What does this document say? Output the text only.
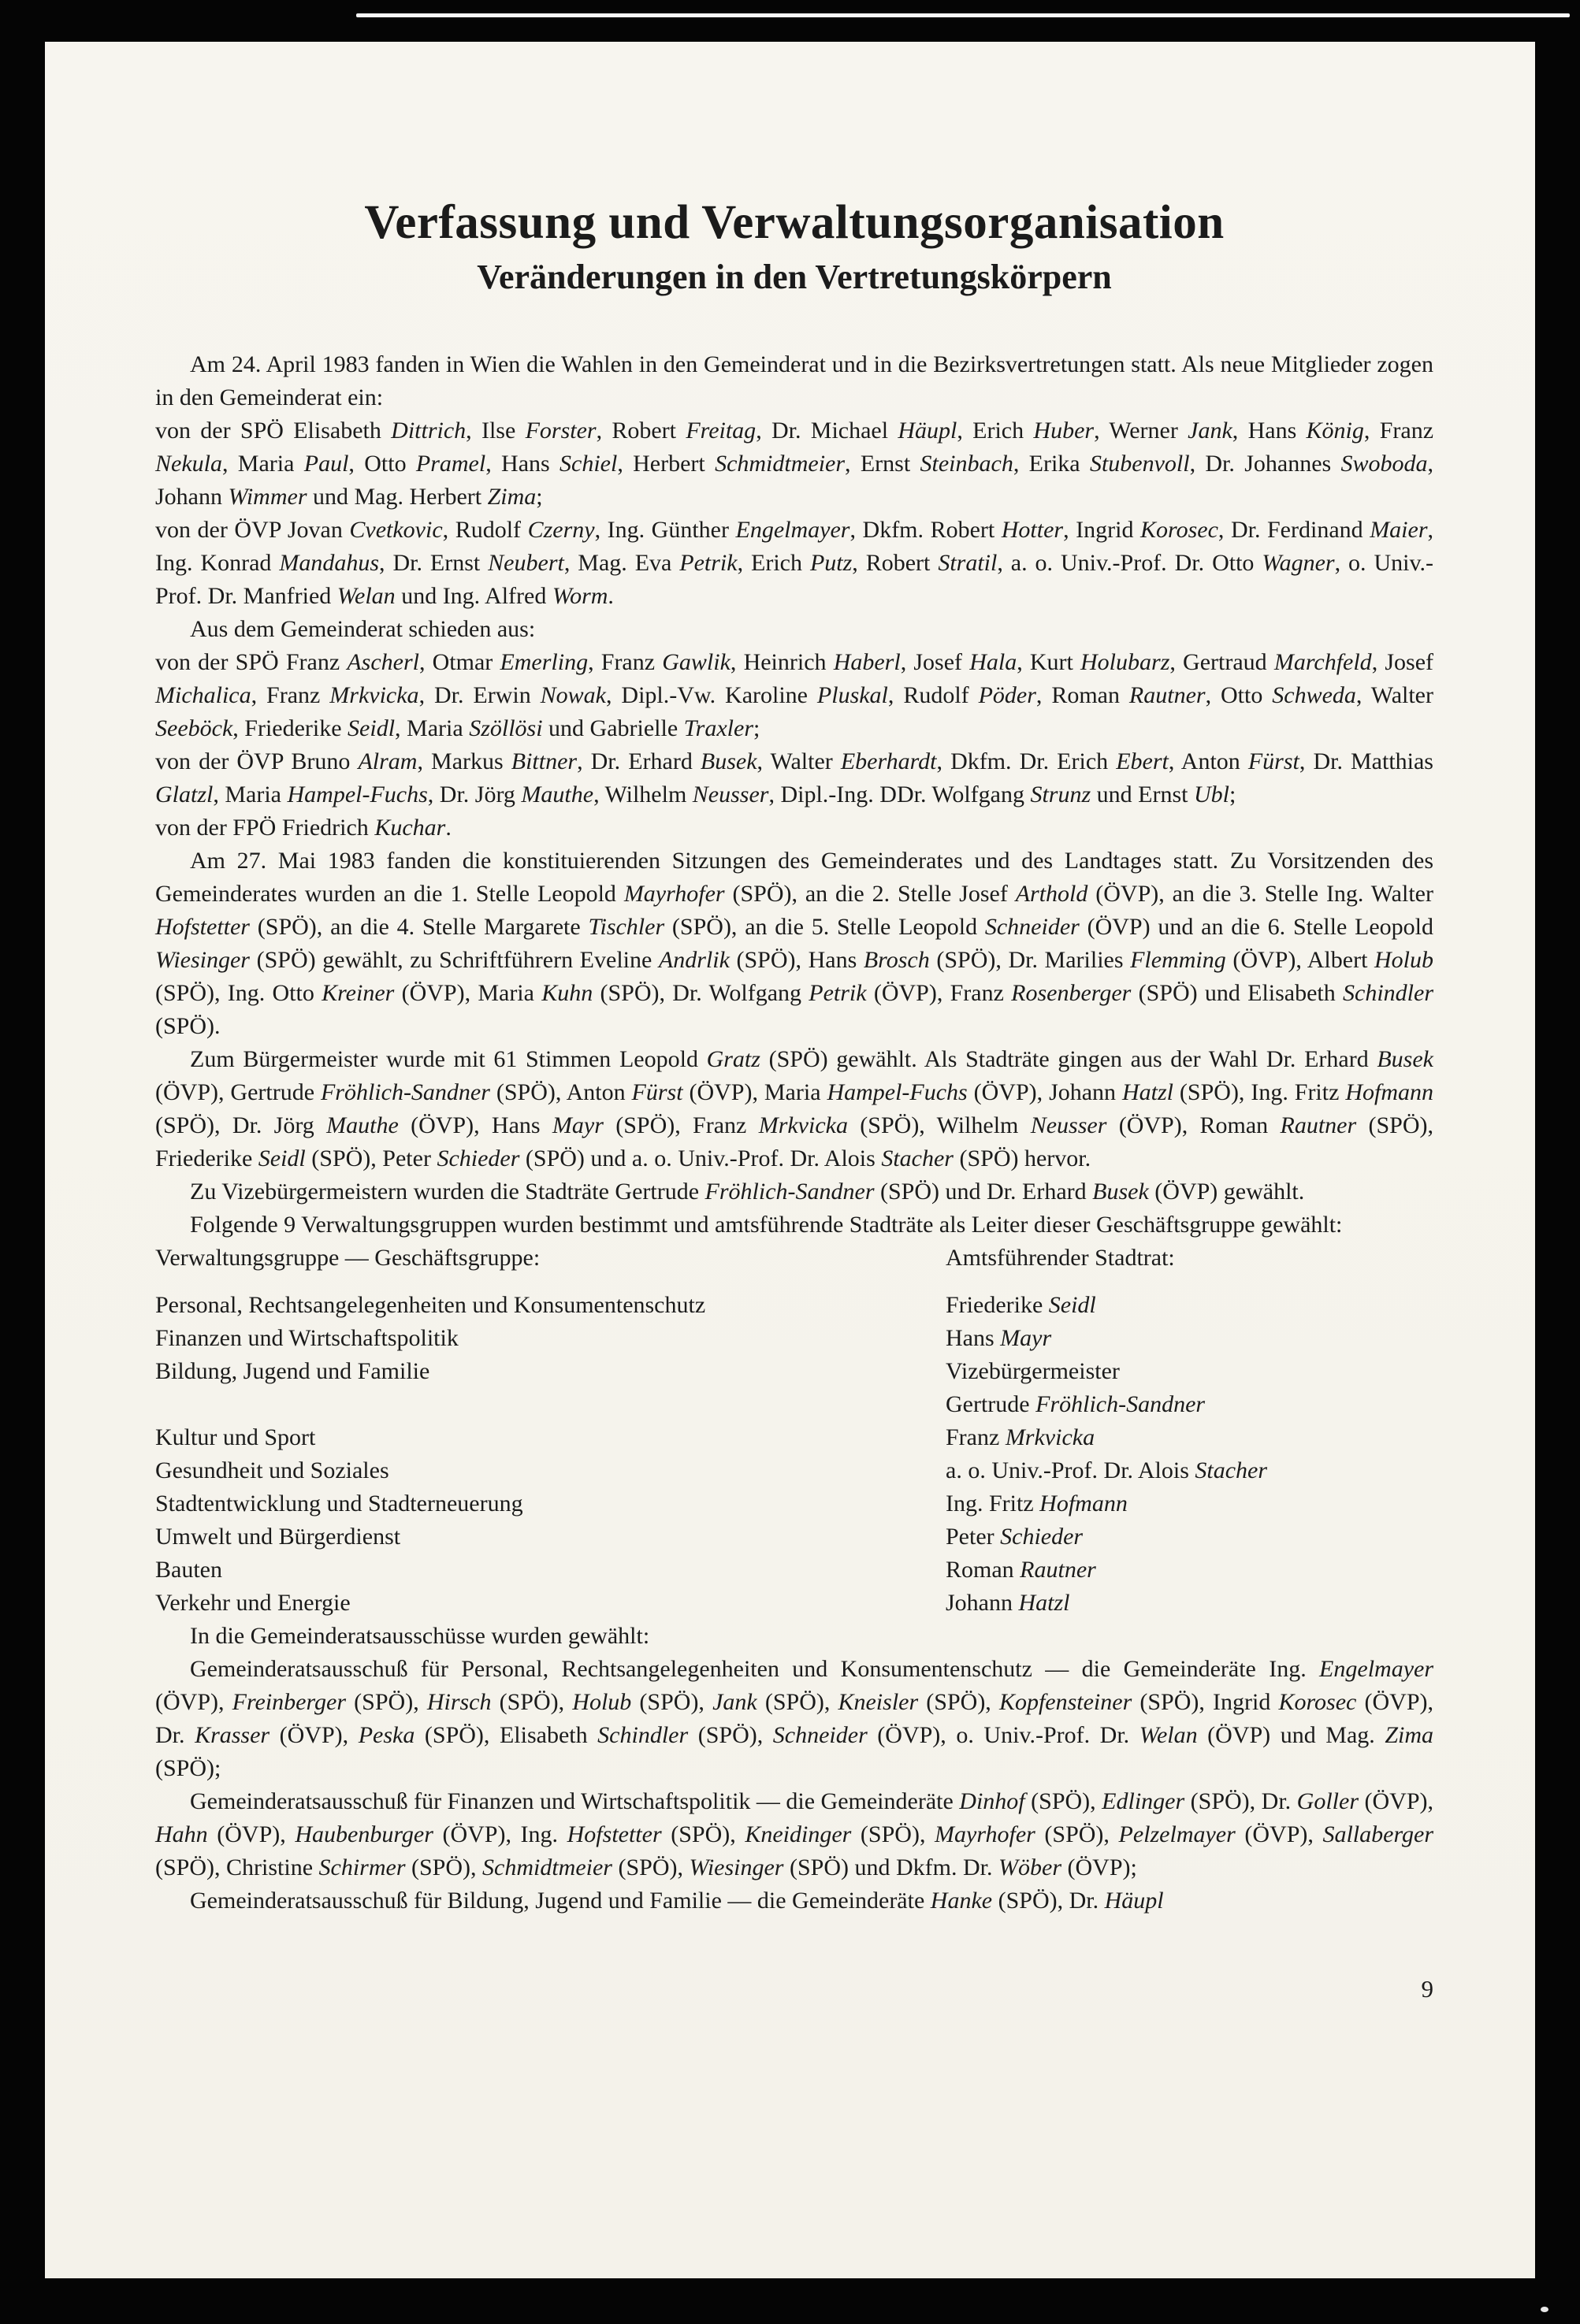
Verfassung und Verwaltungsorganisation
Veränderungen in den Vertretungskörpern

Am 24. April 1983 fanden in Wien die Wahlen in den Gemeinderat und in die Bezirksvertretungen statt. Als neue Mitglieder zogen in den Gemeinderat ein:

von der SPÖ Elisabeth Dittrich, Ilse Forster, Robert Freitag, Dr. Michael Häupl, Erich Huber, Werner Jank, Hans König, Franz Nekula, Maria Paul, Otto Pramel, Hans Schiel, Herbert Schmidtmeier, Ernst Steinbach, Erika Stubenvoll, Dr. Johannes Swoboda, Johann Wimmer und Mag. Herbert Zima;

von der ÖVP Jovan Cvetkovic, Rudolf Czerny, Ing. Günther Engelmayer, Dkfm. Robert Hotter, Ingrid Korosec, Dr. Ferdinand Maier, Ing. Konrad Mandahus, Dr. Ernst Neubert, Mag. Eva Petrik, Erich Putz, Robert Stratil, a. o. Univ.-Prof. Dr. Otto Wagner, o. Univ.-Prof. Dr. Manfried Welan und Ing. Alfred Worm.

Aus dem Gemeinderat schieden aus:

von der SPÖ Franz Ascherl, Otmar Emerling, Franz Gawlik, Heinrich Haberl, Josef Hala, Kurt Holubarz, Gertraud Marchfeld, Josef Michalica, Franz Mrkvicka, Dr. Erwin Nowak, Dipl.-Vw. Karoline Pluskal, Rudolf Pöder, Roman Rautner, Otto Schweda, Walter Seeböck, Friederike Seidl, Maria Szöllösi und Gabrielle Traxler;

von der ÖVP Bruno Alram, Markus Bittner, Dr. Erhard Busek, Walter Eberhardt, Dkfm. Dr. Erich Ebert, Anton Fürst, Dr. Matthias Glatzl, Maria Hampel-Fuchs, Dr. Jörg Mauthe, Wilhelm Neusser, Dipl.-Ing. DDr. Wolfgang Strunz und Ernst Ubl;

von der FPÖ Friedrich Kuchar.

Am 27. Mai 1983 fanden die konstituierenden Sitzungen des Gemeinderates und des Landtages statt. Zu Vorsitzenden des Gemeinderates wurden an die 1. Stelle Leopold Mayrhofer (SPÖ), an die 2. Stelle Josef Arthold (ÖVP), an die 3. Stelle Ing. Walter Hofstetter (SPÖ), an die 4. Stelle Margarete Tischler (SPÖ), an die 5. Stelle Leopold Schneider (ÖVP) und an die 6. Stelle Leopold Wiesinger (SPÖ) gewählt, zu Schriftführern Eveline Andrlik (SPÖ), Hans Brosch (SPÖ), Dr. Marilies Flemming (ÖVP), Albert Holub (SPÖ), Ing. Otto Kreiner (ÖVP), Maria Kuhn (SPÖ), Dr. Wolfgang Petrik (ÖVP), Franz Rosenberger (SPÖ) und Elisabeth Schindler (SPÖ).

Zum Bürgermeister wurde mit 61 Stimmen Leopold Gratz (SPÖ) gewählt. Als Stadträte gingen aus der Wahl Dr. Erhard Busek (ÖVP), Gertrude Fröhlich-Sandner (SPÖ), Anton Fürst (ÖVP), Maria Hampel-Fuchs (ÖVP), Johann Hatzl (SPÖ), Ing. Fritz Hofmann (SPÖ), Dr. Jörg Mauthe (ÖVP), Hans Mayr (SPÖ), Franz Mrkvicka (SPÖ), Wilhelm Neusser (ÖVP), Roman Rautner (SPÖ), Friederike Seidl (SPÖ), Peter Schieder (SPÖ) und a. o. Univ.-Prof. Dr. Alois Stacher (SPÖ) hervor.

Zu Vizebürgermeistern wurden die Stadträte Gertrude Fröhlich-Sandner (SPÖ) und Dr. Erhard Busek (ÖVP) gewählt.

Folgende 9 Verwaltungsgruppen wurden bestimmt und amtsführende Stadträte als Leiter dieser Geschäftsgruppe gewählt:

Verwaltungsgruppe — Geschäftsgruppe:	Amtsführender Stadtrat:
Personal, Rechtsangelegenheiten und Konsumentenschutz	Friederike Seidl
Finanzen und Wirtschaftspolitik	Hans Mayr
Bildung, Jugend und Familie	Vizebürgermeister
Gertrude Fröhlich-Sandner
Kultur und Sport	Franz Mrkvicka
Gesundheit und Soziales	a. o. Univ.-Prof. Dr. Alois Stacher
Stadtentwicklung und Stadterneuerung	Ing. Fritz Hofmann
Umwelt und Bürgerdienst	Peter Schieder
Bauten	Roman Rautner
Verkehr und Energie	Johann Hatzl

In die Gemeinderatsausschüsse wurden gewählt:

Gemeinderatsausschuß für Personal, Rechtsangelegenheiten und Konsumentenschutz — die Gemeinderäte Ing. Engelmayer (ÖVP), Freinberger (SPÖ), Hirsch (SPÖ), Holub (SPÖ), Jank (SPÖ), Kneisler (SPÖ), Kopfensteiner (SPÖ), Ingrid Korosec (ÖVP), Dr. Krasser (ÖVP), Peska (SPÖ), Elisabeth Schindler (SPÖ), Schneider (ÖVP), o. Univ.-Prof. Dr. Welan (ÖVP) und Mag. Zima (SPÖ);

Gemeinderatsausschuß für Finanzen und Wirtschaftspolitik — die Gemeinderäte Dinhof (SPÖ), Edlinger (SPÖ), Dr. Goller (ÖVP), Hahn (ÖVP), Haubenburger (ÖVP), Ing. Hofstetter (SPÖ), Kneidinger (SPÖ), Mayrhofer (SPÖ), Pelzelmayer (ÖVP), Sallaberger (SPÖ), Christine Schirmer (SPÖ), Schmidtmeier (SPÖ), Wiesinger (SPÖ) und Dkfm. Dr. Wöber (ÖVP);

Gemeinderatsausschuß für Bildung, Jugend und Familie — die Gemeinderäte Hanke (SPÖ), Dr. Häupl

9
